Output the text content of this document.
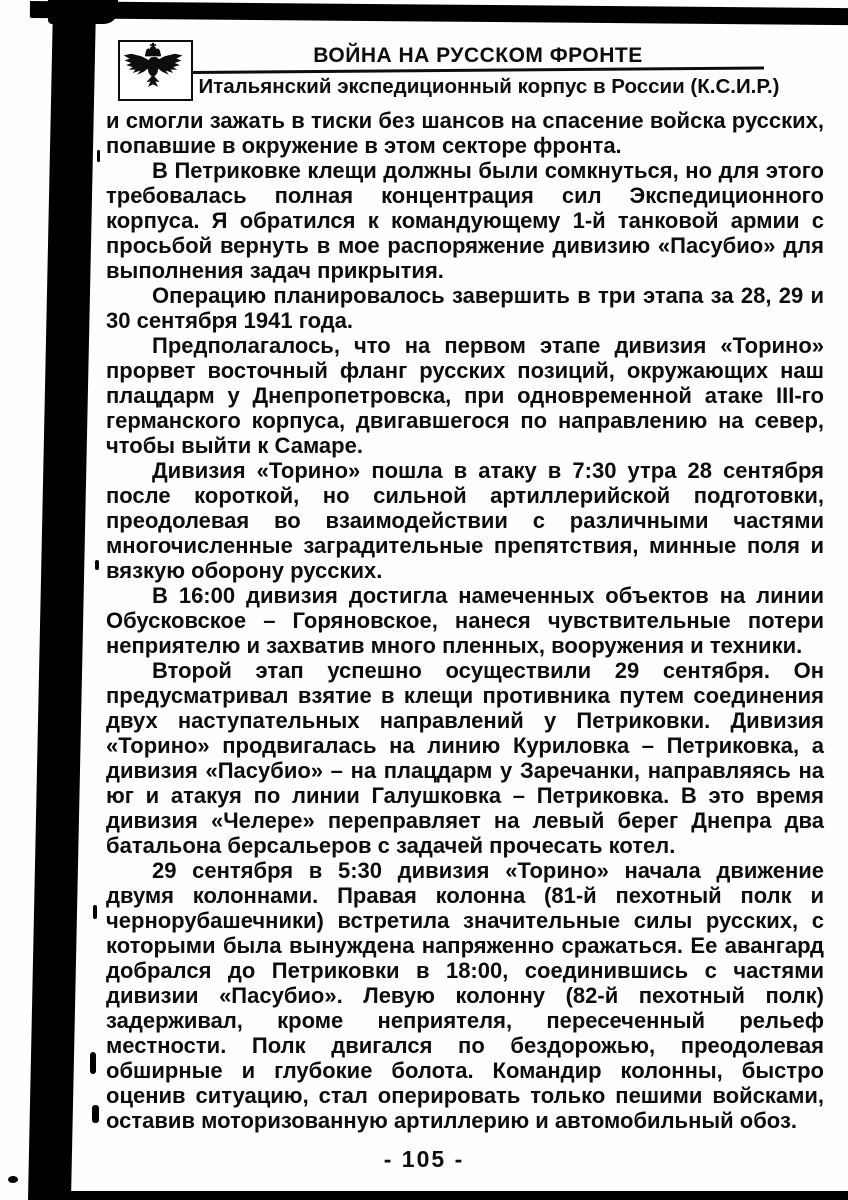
ВОЙНА НА РУССКОМ ФРОНТЕ
Итальянский экспедиционный корпус в России (К.С.И.Р.)

и смогли зажать в тиски без шансов на спасение войска русских, попавшие в окружение в этом секторе фронта.

В Петриковке клещи должны были сомкнуться, но для этого требовалась полная концентрация сил Экспедиционного корпуса. Я обратился к командующему 1-й танковой армии с просьбой вернуть в мое распоряжение дивизию «Пасубио» для выполнения задач прикрытия.

Операцию планировалось завершить в три этапа за 28, 29 и 30 сентября 1941 года.

Предполагалось, что на первом этапе дивизия «Торино» прорвет восточный фланг русских позиций, окружающих наш плацдарм у Днепропетровска, при одновременной атаке III-го германского корпуса, двигавшегося по направлению на север, чтобы выйти к Самаре.

Дивизия «Торино» пошла в атаку в 7:30 утра 28 сентября после короткой, но сильной артиллерийской подготовки, преодолевая во взаимодействии с различными частями многочисленные заградительные препятствия, минные поля и вязкую оборону русских.

В 16:00 дивизия достигла намеченных объектов на линии Обусковское – Горяновское, нанеся чувствительные потери неприятелю и захватив много пленных, вооружения и техники.

Второй этап успешно осуществили 29 сентября. Он предусматривал взятие в клещи противника путем соединения двух наступательных направлений у Петриковки. Дивизия «Торино» продвигалась на линию Куриловка – Петриковка, а дивизия «Пасубио» – на плацдарм у Заречанки, направляясь на юг и атакуя по линии Галушковка – Петриковка. В это время дивизия «Челере» переправляет на левый берег Днепра два батальона берсальеров с задачей прочесать котел.

29 сентября в 5:30 дивизия «Торино» начала движение двумя колоннами. Правая колонна (81-й пехотный полк и чернорубашечники) встретила значительные силы русских, с которыми была вынуждена напряженно сражаться. Ее авангард добрался до Петриковки в 18:00, соединившись с частями дивизии «Пасубио». Левую колонну (82-й пехотный полк) задерживал, кроме неприятеля, пересеченный рельеф местности. Полк двигался по бездорожью, преодолевая обширные и глубокие болота. Командир колонны, быстро оценив ситуацию, стал оперировать только пешими войсками, оставив моторизованную артиллерию и автомобильный обоз.

- 105 -
